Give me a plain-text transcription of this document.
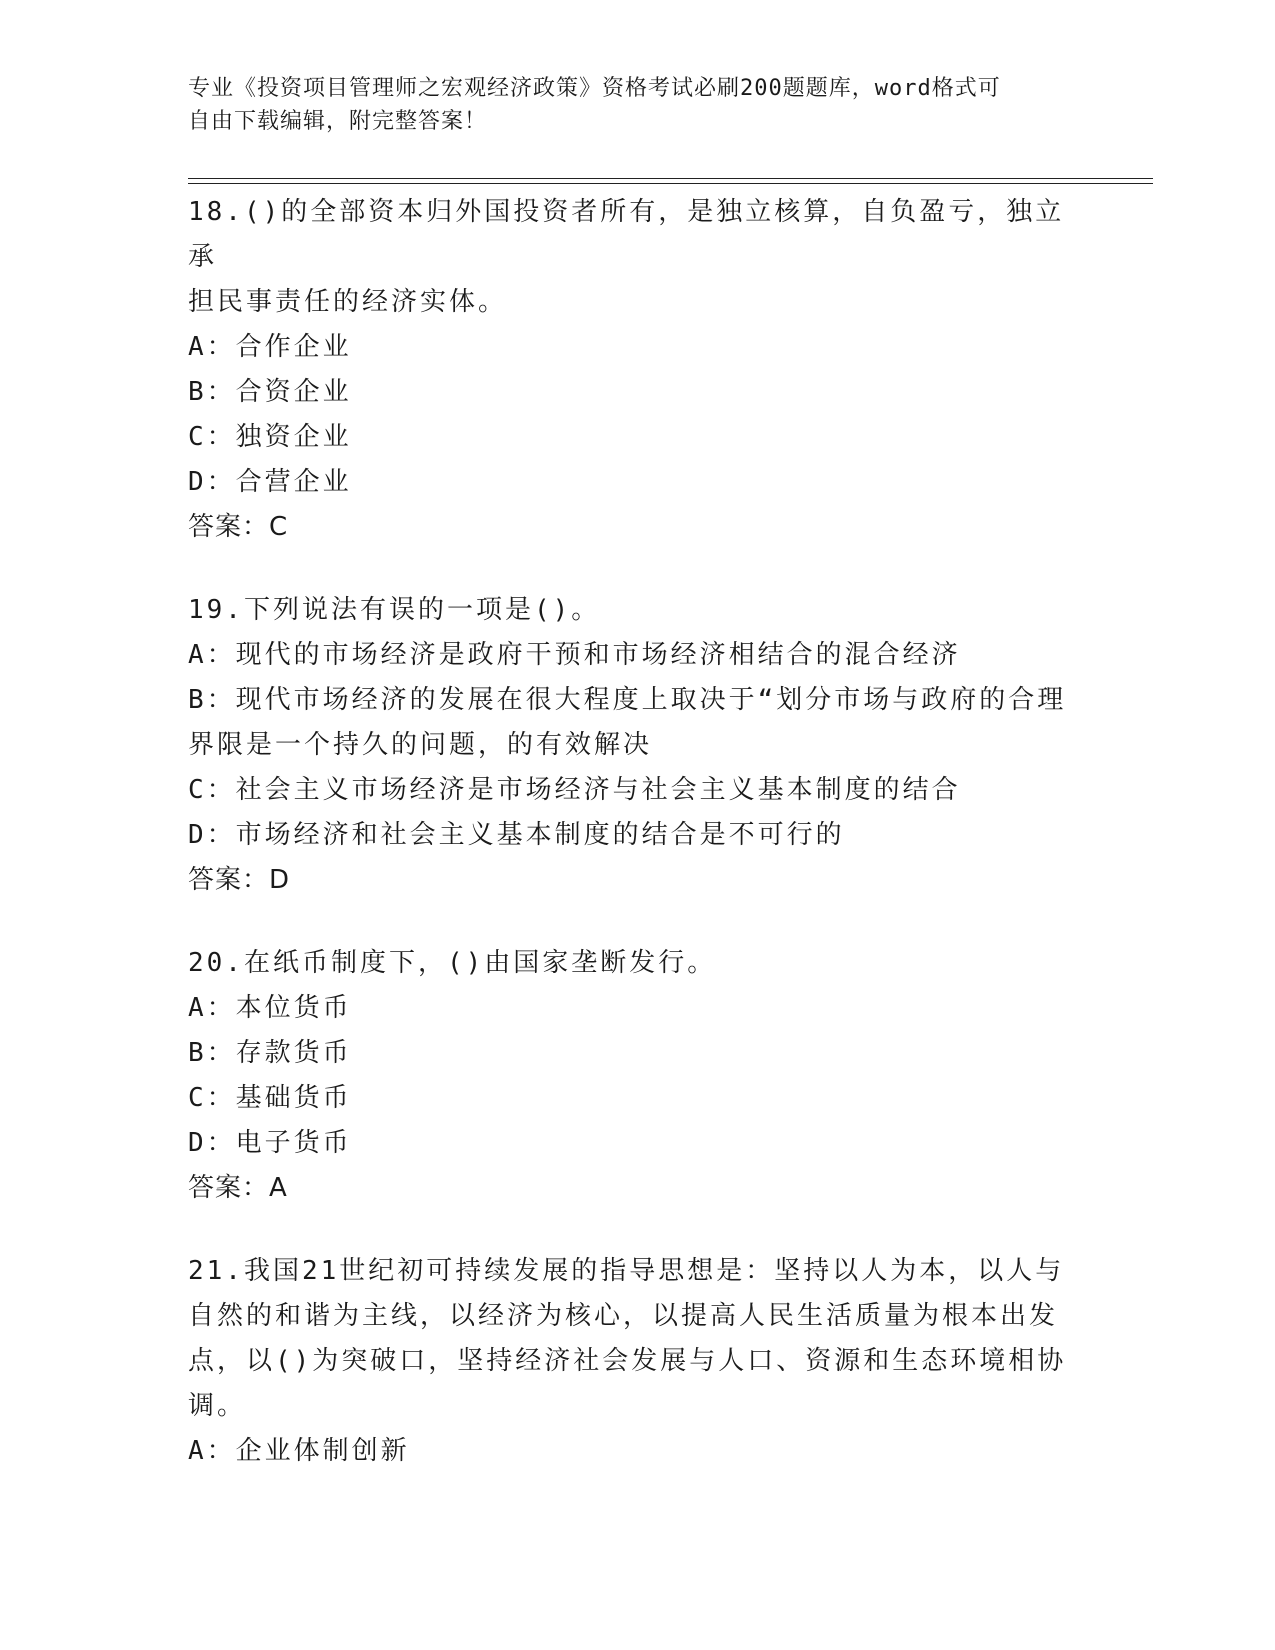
专业《投资项目管理师之宏观经济政策》资格考试必刷200题题库，word格式可
自由下载编辑，附完整答案！
18.()的全部资本归外国投资者所有，是独立核算，自负盈亏，独立承
担民事责任的经济实体。
A：合作企业
B：合资企业
C：独资企业
D：合营企业
答案：C
19.下列说法有误的一项是()。
A：现代的市场经济是政府干预和市场经济相结合的混合经济
B：现代市场经济的发展在很大程度上取决于“划分市场与政府的合理
界限是一个持久的问题，的有效解决
C：社会主义市场经济是市场经济与社会主义基本制度的结合
D：市场经济和社会主义基本制度的结合是不可行的
答案：D
20.在纸币制度下，()由国家垄断发行。
A：本位货币
B：存款货币
C：基础货币
D：电子货币
答案：A
21.我国21世纪初可持续发展的指导思想是：坚持以人为本，以人与
自然的和谐为主线，以经济为核心，以提高人民生活质量为根本出发
点，以()为突破口，坚持经济社会发展与人口、资源和生态环境相协
调。
A：企业体制创新
